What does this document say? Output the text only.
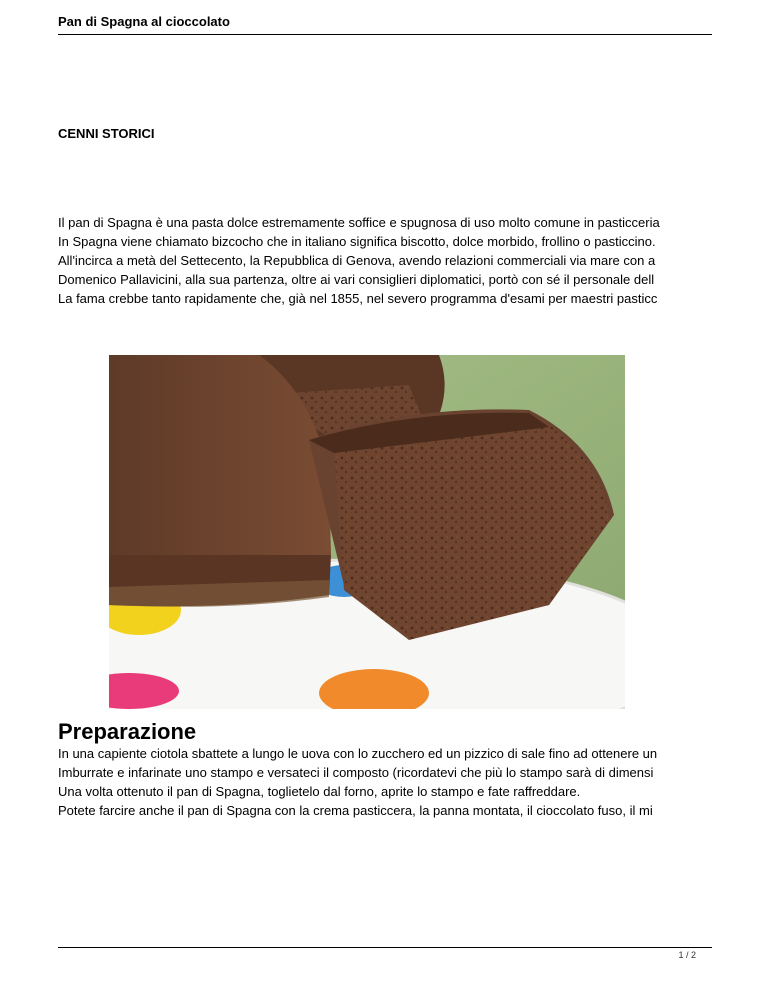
Pan di Spagna al cioccolato
CENNI STORICI
Il pan di Spagna è una pasta dolce estremamente soffice e spugnosa di uso molto comune in pasticceria
In Spagna viene chiamato bizcocho che in italiano significa biscotto, dolce morbido, frollino o pasticcino.
All'incirca a metà del Settecento, la Repubblica di Genova, avendo relazioni commerciali via mare con a
Domenico Pallavicini, alla sua partenza, oltre ai vari consiglieri diplomatici, portò con sé il personale dell
La fama crebbe tanto rapidamente che, già nel 1855, nel severo programma d'esami per maestri pasticc
Preparazione
In una capiente ciotola sbattete a lungo le uova con lo zucchero ed un pizzico di sale fino ad ottenere un
Imburrate e infarinate uno stampo e versateci il composto (ricordatevi che più lo stampo sarà di dimensi
Una volta ottenuto il pan di Spagna, toglietelo dal forno, aprite lo stampo e fate raffreddare.
Potete farcire anche il pan di Spagna con la crema pasticcera, la panna montata, il cioccolato fuso, il mi
1 / 2
